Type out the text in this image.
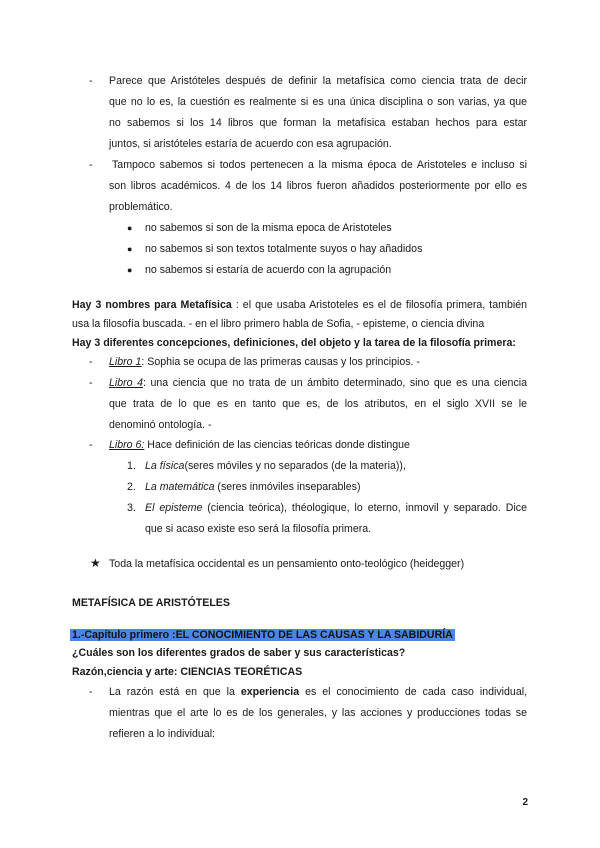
- Parece que Aristóteles después de definir la metafísica como ciencia trata de decir
que no lo es, la cuestión es realmente si es una única disciplina o son varias, ya que
no sabemos si los 14 libros que forman la metafísica estaban hechos para estar
juntos, si aristóteles estaría de acuerdo con esa agrupación.
- Tampoco sabemos si todos pertenecen a la misma época de Aristoteles e incluso si
son libros académicos. 4 de los 14 libros fueron añadidos posteriormente por ello es
problemático.
● no sabemos si son de la misma epoca de Aristoteles
● no sabemos si son textos totalmente suyos o hay añadidos
● no sabemos si estaría de acuerdo con la agrupación
Hay 3 nombres para Metafísica : el que usaba Aristoteles es el de filosofía primera, también
usa la filosofía buscada. - en el libro primero habla de Sofia, - episteme, o ciencia divina
Hay 3 diferentes concepciones, definiciones, del objeto y la tarea de la filosofía primera:
- Libro 1: Sophia se ocupa de las primeras causas y los principios. -
- Libro 4: una ciencia que no trata de un ámbito determinado, sino que es una ciencia
que trata de lo que es en tanto que es, de los atributos, en el siglo XVII se le
denominó ontología. -
- Libro 6: Hace definición de las ciencias teóricas donde distingue
1. La física(seres móviles y no separados (de la materia)),
2. La matemática (seres inmóviles inseparables)
3. El episteme (ciencia teórica), théologique, lo eterno, inmovil y separado. Dice
que si acaso existe eso será la filosofía primera.
★ Toda la metafísica occidental es un pensamiento onto-teológico (heidegger)
METAFÍSICA DE ARISTÓTELES
1.-Capítulo primero :EL CONOCIMIENTO DE LAS CAUSAS Y LA SABIDURÍA
¿Cuáles son los diferentes grados de saber y sus características?
Razón,ciencia y arte: CIENCIAS TEORÉTICAS
- La razón está en que la experiencia es el conocimiento de cada caso individual,
mientras que el arte lo es de los generales, y las acciones y producciones todas se
refieren a lo individual:
2
